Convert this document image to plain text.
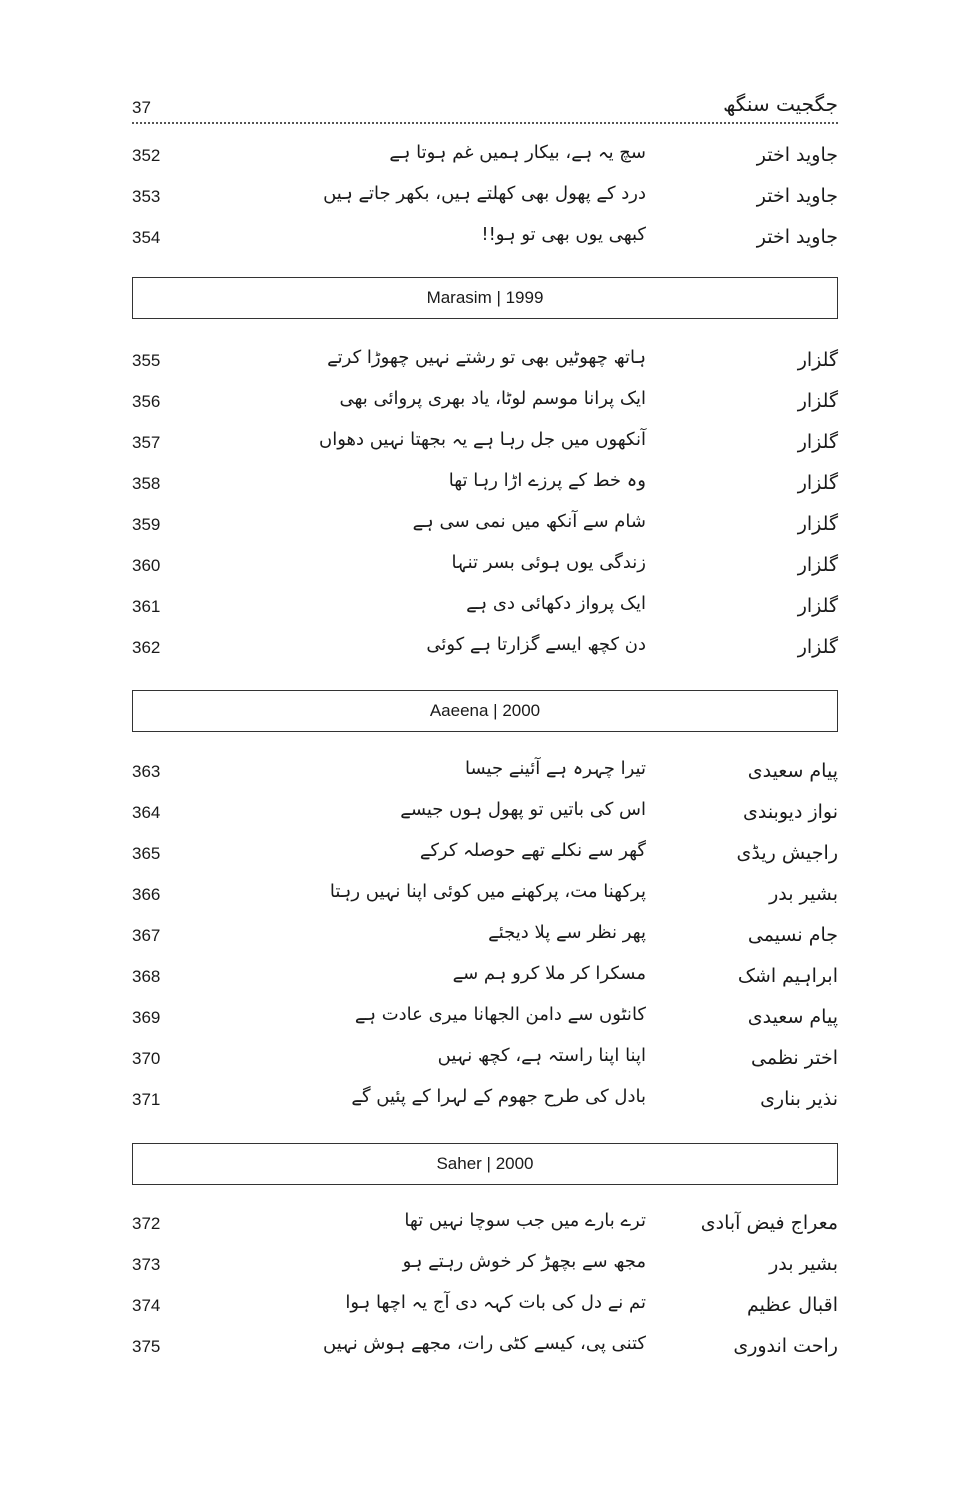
37	جگجیت سنگھ
352	سچ یہ ہے، بیکار ہمیں غم ہوتا ہے	جاوید اختر
353	درد کے پھول بھی کھلتے ہیں، بکھر جاتے ہیں	جاوید اختر
354	کبھی یوں بھی تو ہو!!	جاوید اختر
Marasim | 1999
355	ہاتھ چھوٹیں بھی تو رشتے نہیں چھوڑا کرتے	گلزار
356	ایک پرانا موسم لوٹا، یاد بھری پروائی بھی	گلزار
357	آنکھوں میں جل رہا ہے یہ بجھتا نہیں دھواں	گلزار
358	وہ خط کے پرزے اڑا رہا تھا	گلزار
359	شام سے آنکھ میں نمی سی ہے	گلزار
360	زندگی یوں ہوئی بسر تنہا	گلزار
361	ایک پرواز دکھائی دی ہے	گلزار
362	دن کچھ ایسے گزارتا ہے کوئی	گلزار
Aaeena | 2000
363	تیرا چہرہ ہے آئینے جیسا	پیام سعیدی
364	اس کی باتیں تو پھول ہوں جیسے	نواز دیوبندی
365	گھر سے نکلے تھے حوصلہ کرکے	راجیش ریڈی
366	پرکھنا مت، پرکھنے میں کوئی اپنا نہیں رہتا	بشیر بدر
367	پھر نظر سے پلا دیجئے	جام نسیمی
368	مسکرا کر ملا کرو ہم سے	ابراہیم اشک
369	کانٹوں سے دامن الجھانا میری عادت ہے	پیام سعیدی
370	اپنا اپنا راستہ ہے، کچھ نہیں	اختر نظمی
371	بادل کی طرح جھوم کے لہرا کے پئیں گے	نذیر بناری
Saher | 2000
372	ترے بارے میں جب سوچا نہیں تھا	معراج فیض آبادی
373	مجھ سے بچھڑ کر خوش رہتے ہو	بشیر بدر
374	تم نے دل کی بات کہہ دی آج یہ اچھا ہوا	اقبال عظیم
375	کتنی پی، کیسے کٹی رات، مجھے ہوش نہیں	راحت اندوری
